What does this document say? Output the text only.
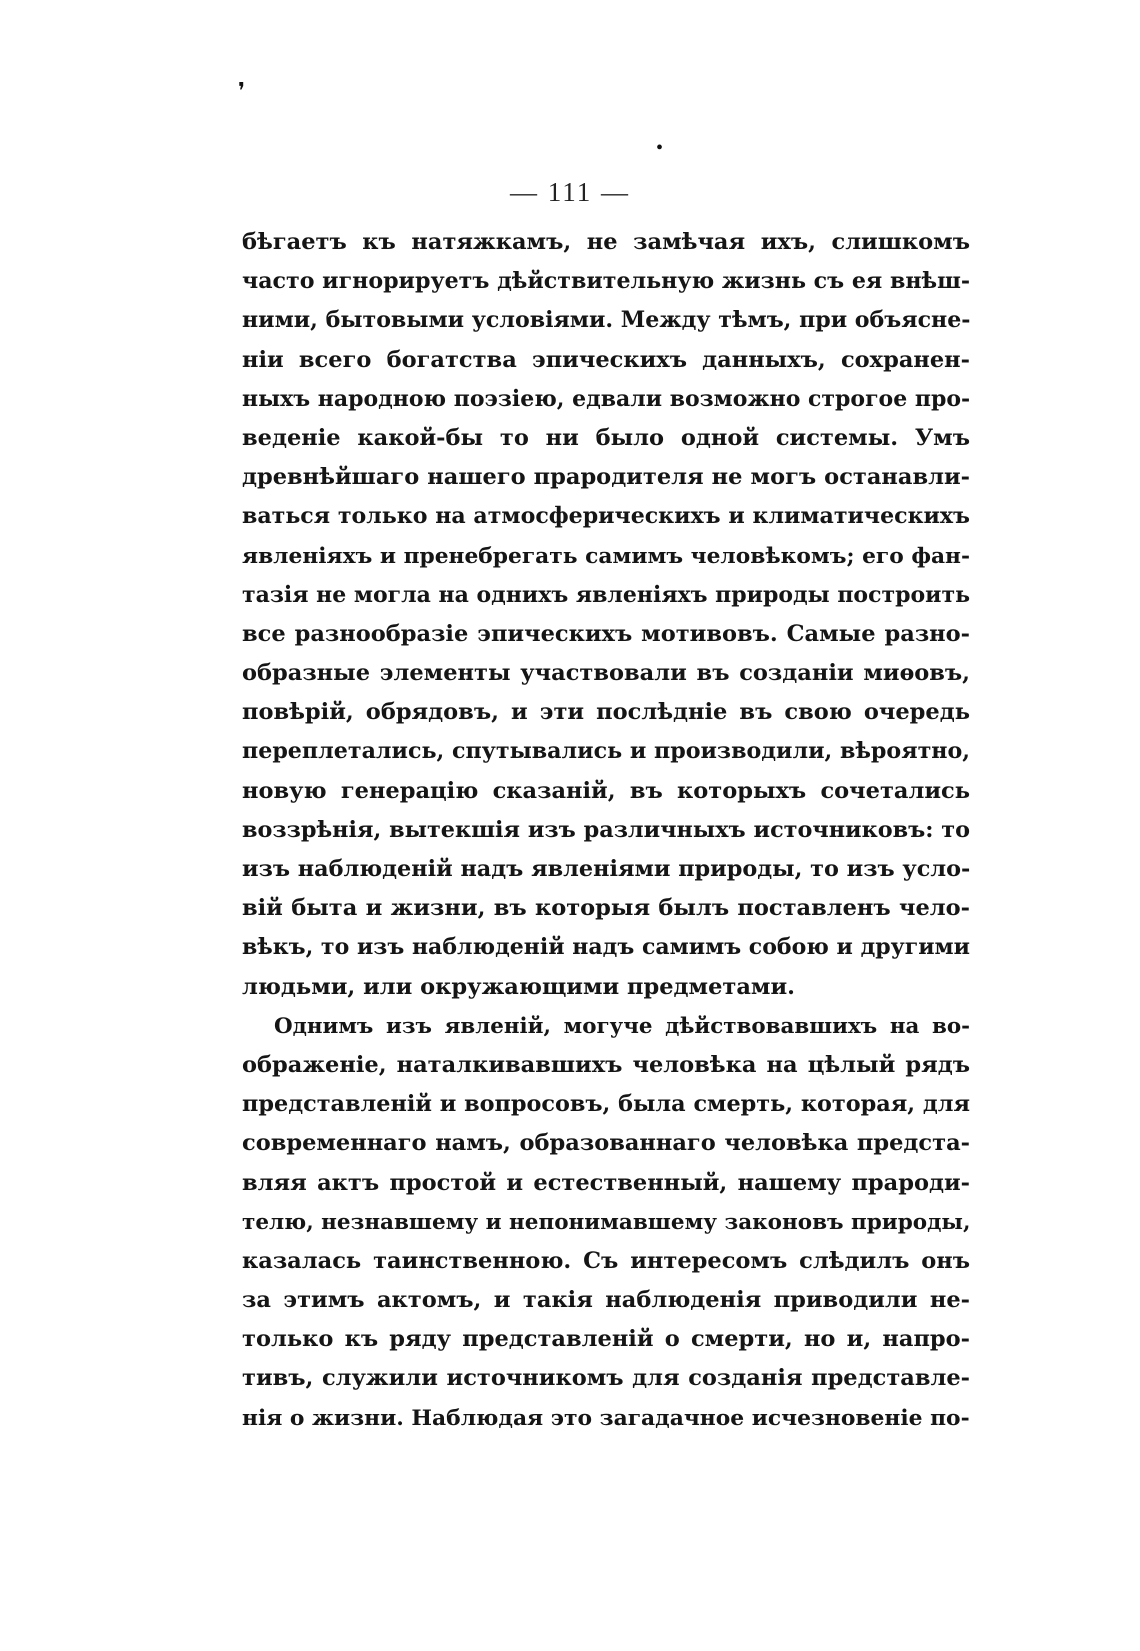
❜
•
— 111 —
бѣгаетъ къ натяжкамъ, не замѣчая ихъ, слишкомъ
часто игнорируетъ дѣйствительную жизнь съ ея внѣш-
ними, бытовыми условіями. Между тѣмъ, при объясне-
ніи всего богатства эпическихъ данныхъ, сохранен-
ныхъ народною поэзіею, едвали возможно строгое про-
веденіе какой-бы то ни было одной системы. Умъ
древнѣйшаго нашего прародителя не могъ останавли-
ваться только на атмосферическихъ и климатическихъ
явленіяхъ и пренебрегать самимъ человѣкомъ; его фан-
тазія не могла на однихъ явленіяхъ природы построить
все разнообразіе эпическихъ мотивовъ. Самые разно-
образные элементы участвовали въ созданіи миѳовъ,
повѣрій, обрядовъ, и эти послѣдніе въ свою очередь
переплетались, спутывались и производили, вѣроятно,
новую генерацію сказаній, въ которыхъ сочетались
воззрѣнія, вытекшія изъ различныхъ источниковъ: то
изъ наблюденій надъ явленіями природы, то изъ усло-
вій быта и жизни, въ которыя былъ поставленъ чело-
вѣкъ, то изъ наблюденій надъ самимъ собою и другими
людьми, или окружающими предметами.
Однимъ изъ явленій, могуче дѣйствовавшихъ на во-
ображеніе, наталкивавшихъ человѣка на цѣлый рядъ
представленій и вопросовъ, была смерть, которая, для
современнаго намъ, образованнаго человѣка предста-
вляя актъ простой и естественный, нашему прароди-
телю, незнавшему и непонимавшему законовъ природы,
казалась таинственною. Съ интересомъ слѣдилъ онъ
за этимъ актомъ, и такія наблюденія приводили не-
только къ ряду представленій о смерти, но и, напро-
тивъ, служили источникомъ для созданія представле-
нія о жизни. Наблюдая это загадачное исчезновеніе по-
